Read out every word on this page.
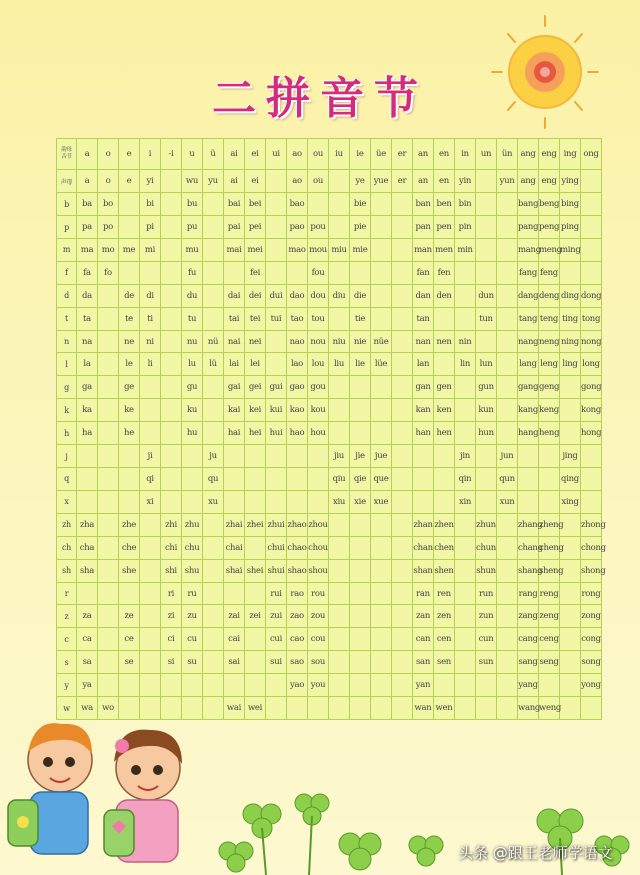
二拼音节
韵母
音节	a	o	e	i	-i	u	ü	ai	ei	ui	ao	ou	iu	ie	üe	er	an	en	in	un	ün	ang	eng	ing	ong
声母	a	o	e	yi		wu	yu	ai	ei		ao	ou		ye	yue	er	an	en	yin		yun	ang	eng	ying	
b	ba	bo		bi		bu		bai	bei		bao			bie			ban	ben	bin			bang	beng	bing	
p	pa	po		pi		pu		pai	pei		pao	pou		pie			pan	pen	pin			pang	peng	ping	
m	ma	mo	me	mi		mu		mai	mei		mao	mou	miu	mie			man	men	min			mang	meng	ming	
f	fa	fo				fu			fei			fou					fan	fen				fang	feng		
d	da		de	di		du		dai	dei	dui	dao	dou	diu	die			dan	den		dun		dang	deng	ding	dong
t	ta		te	ti		tu		tai	tei	tui	tao	tou		tie			tan			tun		tang	teng	ting	tong
n	na		ne	ni		nu	nü	nai	nei		nao	nou	niu	nie	nüe		nan	nen	nin			nang	neng	ning	nong
l	la		le	li		lu	lü	lai	lei		lao	lou	liu	lie	lüe		lan		lin	lun		lang	leng	ling	long
g	ga		ge			gu		gai	gei	gui	gao	gou					gan	gen		gun		gang	geng		gong
k	ka		ke			ku		kai	kei	kui	kao	kou					kan	ken		kun		kang	keng		kong
h	ha		he			hu		hai	hei	hui	hao	hou					han	hen		hun		hang	heng		hong
j				ji			ju						jiu	jie	jue				jin		jun			jing	
q				qi			qu						qiu	qie	que				qin		qun			qing	
x				xi			xu						xiu	xie	xue				xin		xun			xing	
zh	zha		zhe		zhi	zhu		zhai	zhei	zhui	zhao	zhou					zhan	zhen		zhun		zhang	zheng		zhong
ch	cha		che		chi	chu		chai		chui	chao	chou					chan	chen		chun		chang	cheng		chong
sh	sha		she		shi	shu		shai	shei	shui	shao	shou					shan	shen		shun		shang	sheng		shong
r					ri	ru				rui	rao	rou					ran	ren		run		rang	reng		rong
z	za		ze		zi	zu		zai	zei	zui	zao	zou					zan	zen		zun		zang	zeng		zong
c	ca		ce		ci	cu		cai		cui	cao	cou					can	cen		cun		cang	ceng		cong
s	sa		se		si	su		sai		sui	sao	sou					san	sen		sun		sang	seng		song
y	ya										yao	you					yan					yang			yong
w	wa	wo						wai	wei								wan	wen				wang	weng		
头条 @跟王老师学语文
